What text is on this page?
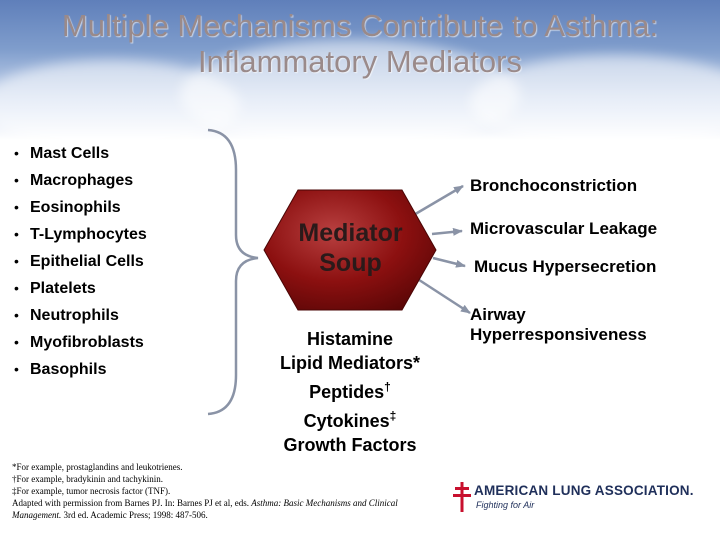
Multiple Mechanisms Contribute to Asthma:
Inflammatory Mediators
• Mast Cells
• Macrophages
• Eosinophils
• T-Lymphocytes
• Epithelial Cells
• Platelets
• Neutrophils
• Myofibroblasts
• Basophils
Mediator
Soup
Histamine
Lipid Mediators*
Peptides†
Cytokines‡
Growth Factors
Bronchoconstriction
Microvascular Leakage
Mucus Hypersecretion
Airway
Hyperresponsiveness
*For example, prostaglandins and leukotrienes.
†For example, bradykinin and tachykinin.
‡For example, tumor necrosis factor (TNF).
Adapted with permission from Barnes PJ. In: Barnes PJ et al, eds. Asthma: Basic Mechanisms and Clinical Management. 3rd ed. Academic Press; 1998: 487-506.
AMERICAN LUNG ASSOCIATION.
Fighting for Air
